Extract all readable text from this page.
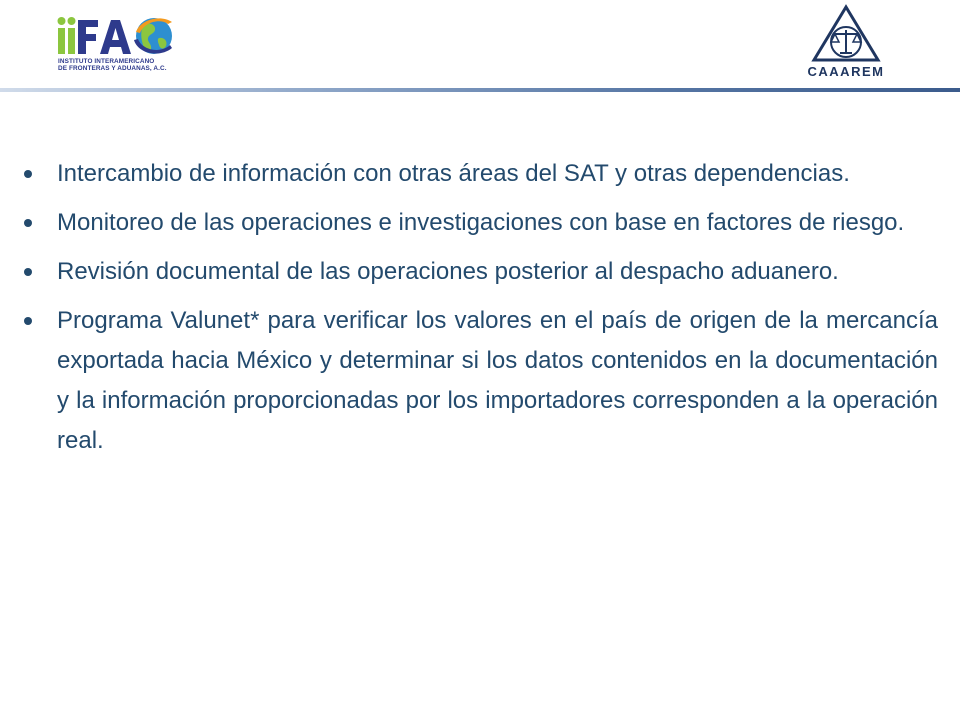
INSTITUTO INTERAMERICANO
DE FRONTERAS Y ADUANAS, A.C.	CAAAREM
Intercambio de información con otras áreas del SAT y otras dependencias.
Monitoreo de las operaciones e investigaciones con base en factores de riesgo.
Revisión documental de las operaciones posterior al despacho aduanero.
Programa Valunet* para verificar los valores en el país de origen de la mercancía exportada hacia México y determinar si los datos contenidos en la documentación y la información proporcionadas por los importadores corresponden a la operación real.
